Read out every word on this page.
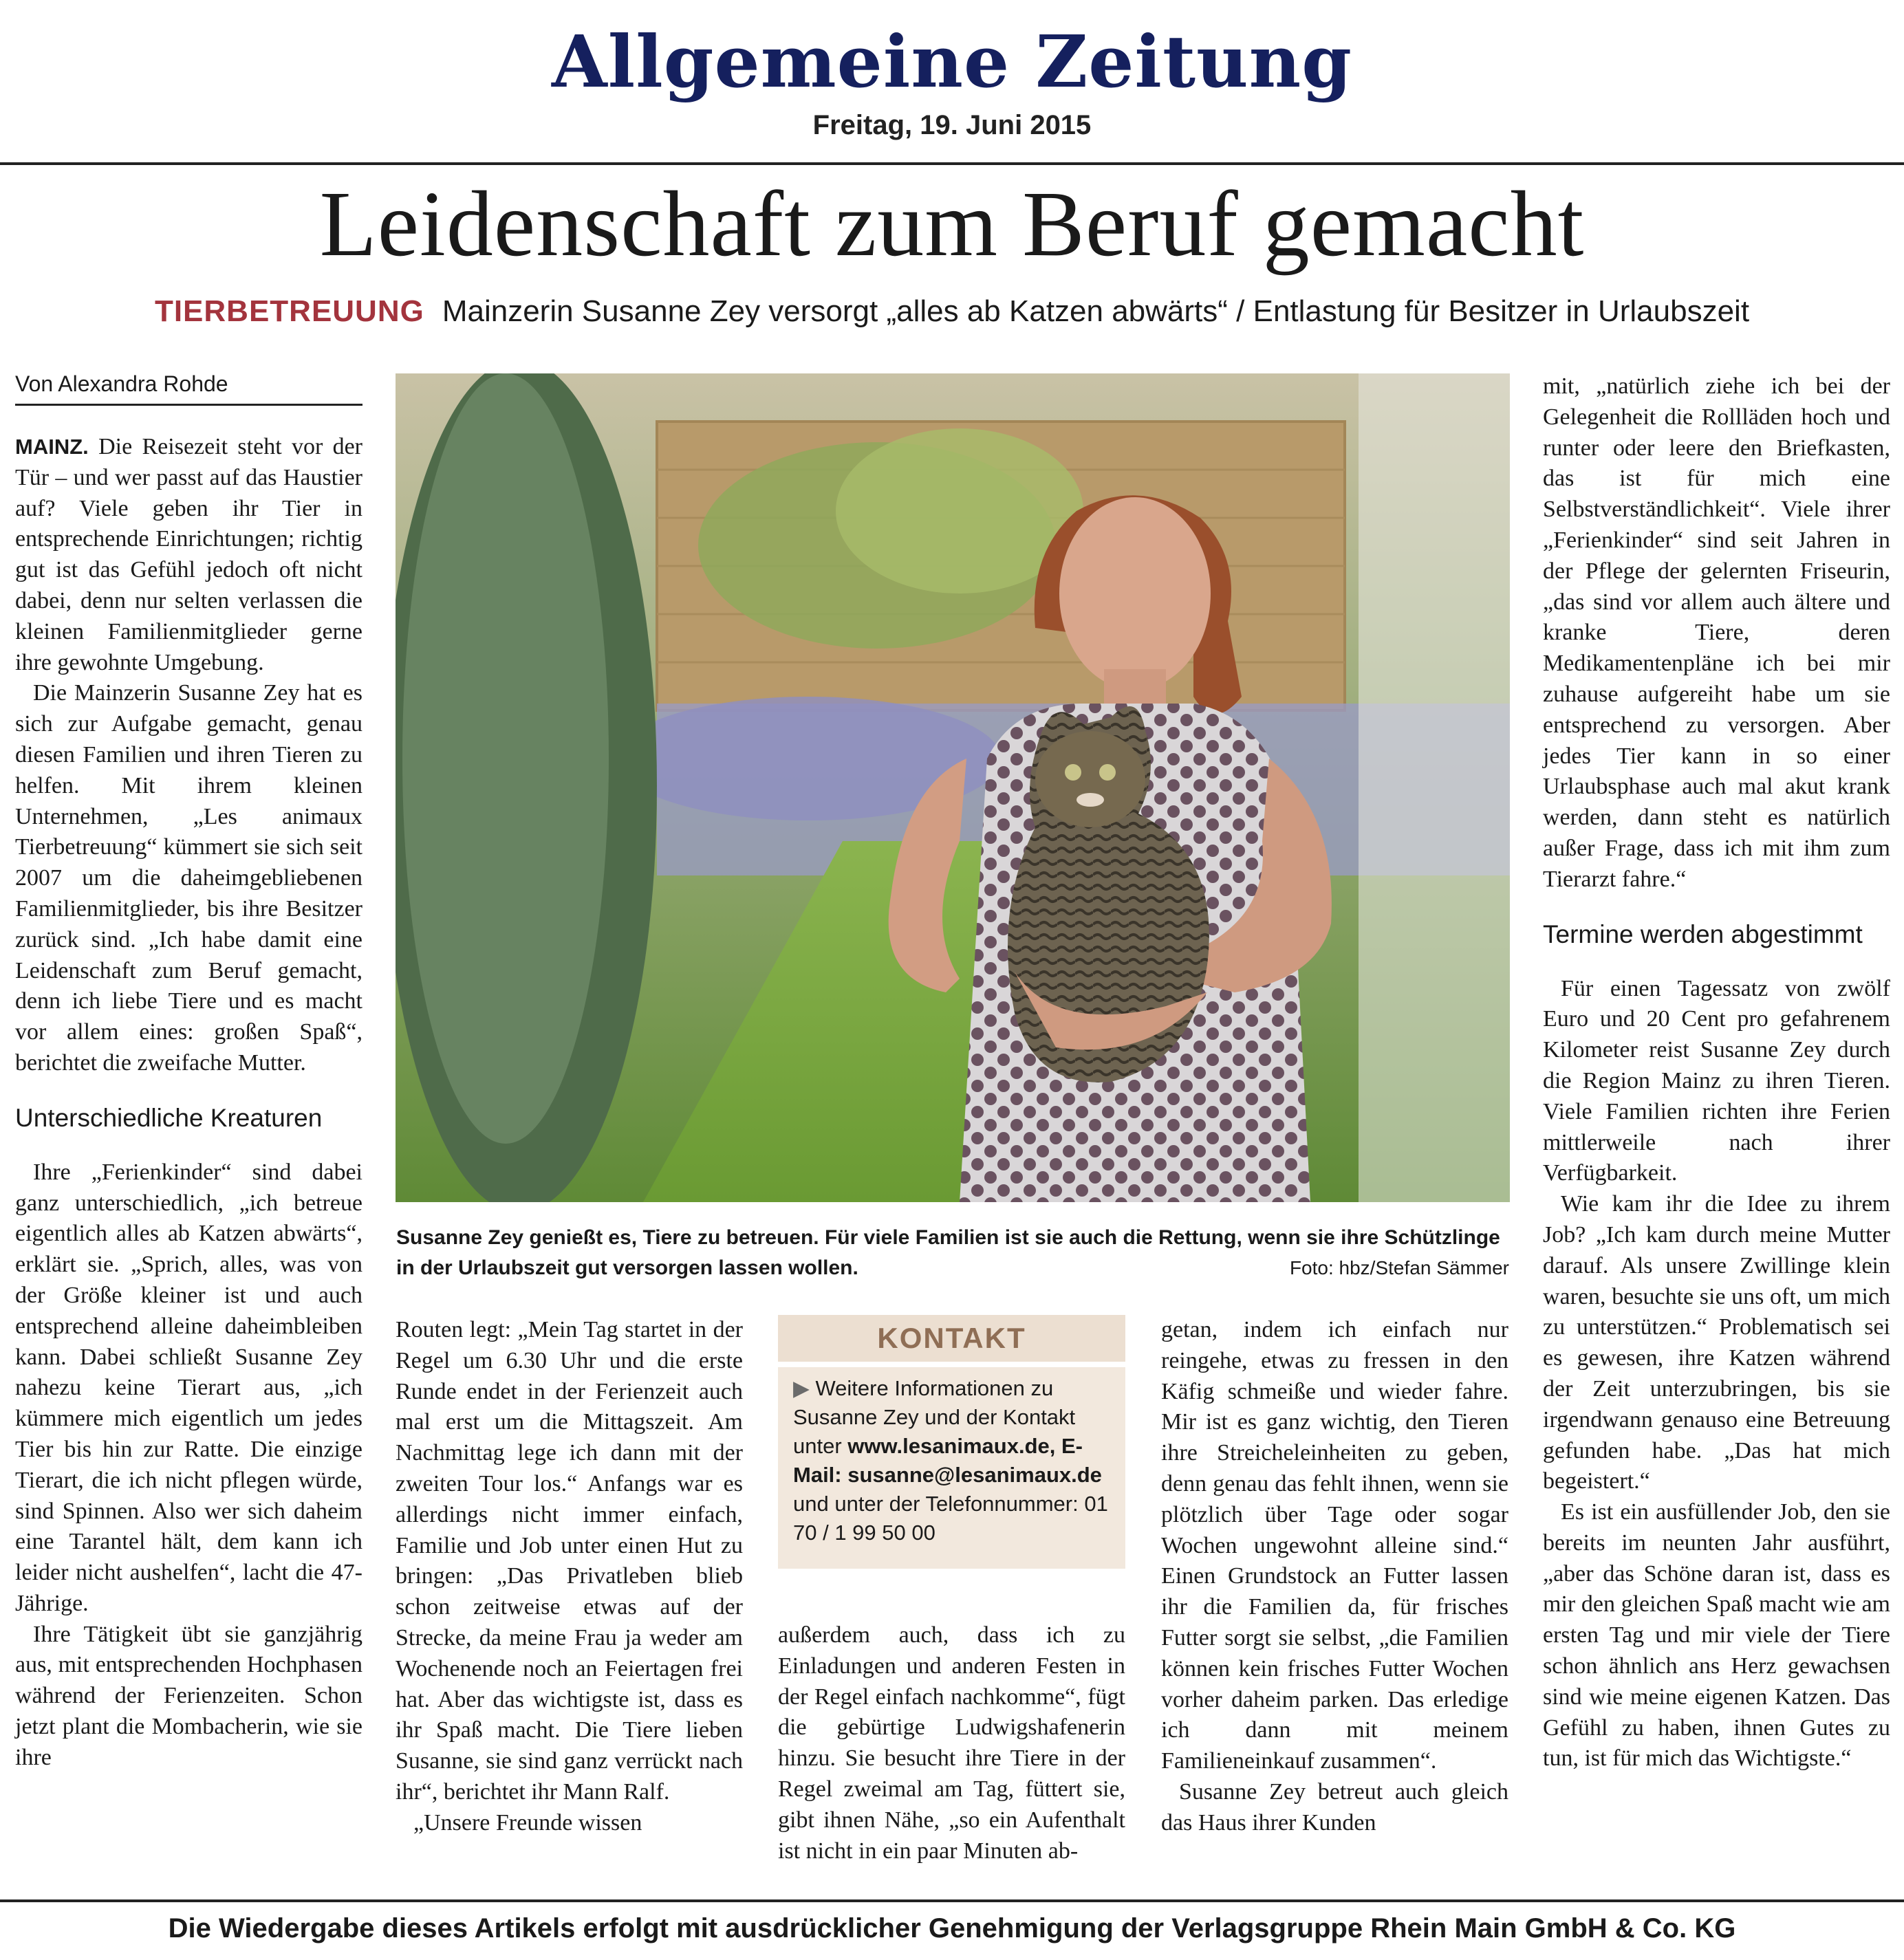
Allgemeine Zeitung
Freitag, 19. Juni 2015
Leidenschaft zum Beruf gemacht
TIERBETREUUNG Mainzerin Susanne Zey versorgt „alles ab Katzen abwärts“ / Entlastung für Besitzer in Urlaubszeit
Von Alexandra Rohde

MAINZ. Die Reisezeit steht vor der Tür – und wer passt auf das Haustier auf? Viele geben ihr Tier in entsprechende Einrichtungen; richtig gut ist das Gefühl jedoch oft nicht dabei, denn nur selten verlassen die kleinen Familienmitglieder gerne ihre gewohnte Umgebung.

Die Mainzerin Susanne Zey hat es sich zur Aufgabe gemacht, genau diesen Familien und ihren Tieren zu helfen. Mit ihrem kleinen Unternehmen, „Les animaux Tierbetreuung“ kümmert sie sich seit 2007 um die daheimgebliebenen Familienmitglieder, bis ihre Besitzer zurück sind. „Ich habe damit eine Leidenschaft zum Beruf gemacht, denn ich liebe Tiere und es macht vor allem eines: großen Spaß“, berichtet die zweifache Mutter.

Unterschiedliche Kreaturen

Ihre „Ferienkinder“ sind dabei ganz unterschiedlich, „ich betreue eigentlich alles ab Katzen abwärts“, erklärt sie. „Sprich, alles, was von der Größe kleiner ist und auch entsprechend alleine daheimbleiben kann. Dabei schließt Susanne Zey nahezu keine Tierart aus, „ich kümmere mich eigentlich um jedes Tier bis hin zur Ratte. Die einzige Tierart, die ich nicht pflegen würde, sind Spinnen. Also wer sich daheim eine Tarantel hält, dem kann ich leider nicht aushelfen“, lacht die 47-Jährige.

Ihre Tätigkeit übt sie ganzjährig aus, mit entsprechenden Hochphasen während der Ferienzeiten. Schon jetzt plant die Mombacherin, wie sie ihre

Susanne Zey genießt es, Tiere zu betreuen. Für viele Familien ist sie auch die Rettung, wenn sie ihre Schützlinge in der Urlaubszeit gut versorgen lassen wollen.	Foto: hbz/Stefan Sämmer

Routen legt: „Mein Tag startet in der Regel um 6.30 Uhr und die erste Runde endet in der Ferienzeit auch mal erst um die Mittagszeit. Am Nachmittag lege ich dann mit der zweiten Tour los.“ Anfangs war es allerdings nicht immer einfach, Familie und Job unter einen Hut zu bringen: „Das Privatleben blieb schon zeitweise etwas auf der Strecke, da meine Frau ja weder am Wochenende noch an Feiertagen frei hat. Aber das wichtigste ist, dass es ihr Spaß macht. Die Tiere lieben Susanne, sie sind ganz verrückt nach ihr“, berichtet ihr Mann Ralf.

„Unsere Freunde wissen

KONTAKT
▶ Weitere Informationen zu Susanne Zey und der Kontakt unter www.lesanimaux.de, E-Mail: susanne@lesanimaux.de und unter der Telefonnummer: 01 70 / 1 99 50 00

außerdem auch, dass ich zu Einladungen und anderen Festen in der Regel einfach nachkomme“, fügt die gebürtige Ludwigshafenerin hinzu. Sie besucht ihre Tiere in der Regel zweimal am Tag, füttert sie, gibt ihnen Nähe, „so ein Aufenthalt ist nicht in ein paar Minuten ab-

getan, indem ich einfach nur reingehe, etwas zu fressen in den Käfig schmeiße und wieder fahre. Mir ist es ganz wichtig, den Tieren ihre Streicheleinheiten zu geben, denn genau das fehlt ihnen, wenn sie plötzlich über Tage oder sogar Wochen ungewohnt alleine sind.“ Einen Grundstock an Futter lassen ihr die Familien da, für frisches Futter sorgt sie selbst, „die Familien können kein frisches Futter Wochen vorher daheim parken. Das erledige ich dann mit meinem Familieneinkauf zusammen“.

Susanne Zey betreut auch gleich das Haus ihrer Kunden

mit, „natürlich ziehe ich bei der Gelegenheit die Rollläden hoch und runter oder leere den Briefkasten, das ist für mich eine Selbstverständlichkeit“. Viele ihrer „Ferienkinder“ sind seit Jahren in der Pflege der gelernten Friseurin, „das sind vor allem auch ältere und kranke Tiere, deren Medikamentenpläne ich bei mir zuhause aufgereiht habe um sie entsprechend zu versorgen. Aber jedes Tier kann in so einer Urlaubsphase auch mal akut krank werden, dann steht es natürlich außer Frage, dass ich mit ihm zum Tierarzt fahre.“

Termine werden abgestimmt

Für einen Tagessatz von zwölf Euro und 20 Cent pro gefahrenem Kilometer reist Susanne Zey durch die Region Mainz zu ihren Tieren. Viele Familien richten ihre Ferien mittlerweile nach ihrer Verfügbarkeit.

Wie kam ihr die Idee zu ihrem Job? „Ich kam durch meine Mutter darauf. Als unsere Zwillinge klein waren, besuchte sie uns oft, um mich zu unterstützen.“ Problematisch sei es gewesen, ihre Katzen während der Zeit unterzubringen, bis sie irgendwann genauso eine Betreuung gefunden habe. „Das hat mich begeistert.“

Es ist ein ausfüllender Job, den sie bereits im neunten Jahr ausführt, „aber das Schöne daran ist, dass es mir den gleichen Spaß macht wie am ersten Tag und mir viele der Tiere schon ähnlich ans Herz gewachsen sind wie meine eigenen Katzen. Das Gefühl zu haben, ihnen Gutes zu tun, ist für mich das Wichtigste.“

Die Wiedergabe dieses Artikels erfolgt mit ausdrücklicher Genehmigung der Verlagsgruppe Rhein Main GmbH & Co. KG
